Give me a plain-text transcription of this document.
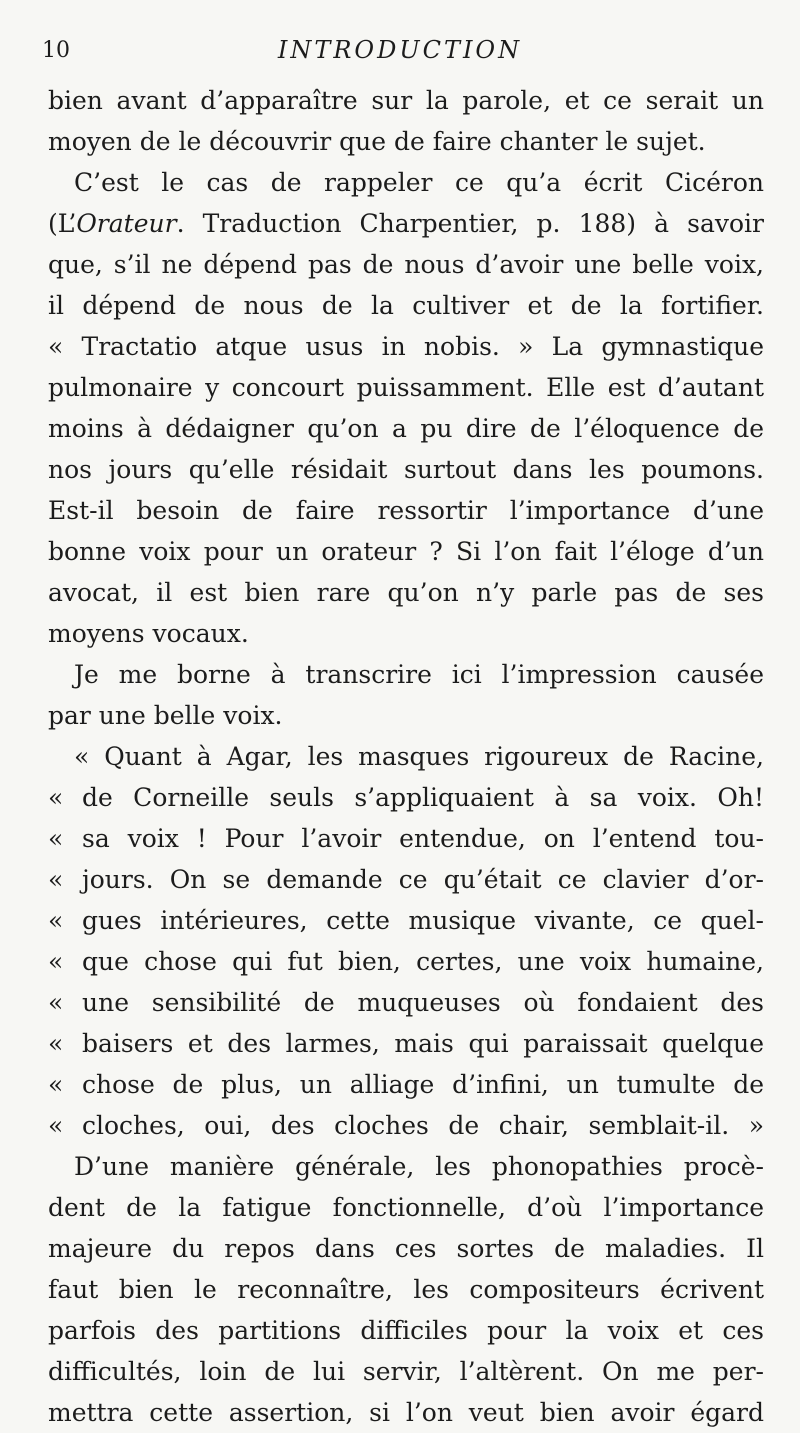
10	INTRODUCTION
bien avant d’apparaître sur la parole, et ce serait un
moyen de le découvrir que de faire chanter le sujet.
C’est le cas de rappeler ce qu’a écrit Cicéron
(L’Orateur. Traduction Charpentier, p. 188) à savoir
que, s’il ne dépend pas de nous d’avoir une belle voix,
il dépend de nous de la cultiver et de la fortifier.
« Tractatio atque usus in nobis. » La gymnastique
pulmonaire y concourt puissamment. Elle est d’autant
moins à dédaigner qu’on a pu dire de l’éloquence de
nos jours qu’elle résidait surtout dans les poumons.
Est-il besoin de faire ressortir l’importance d’une
bonne voix pour un orateur ? Si l’on fait l’éloge d’un
avocat, il est bien rare qu’on n’y parle pas de ses
moyens vocaux.
Je me borne à transcrire ici l’impression causée
par une belle voix.
« Quant à Agar, les masques rigoureux de Racine,
« de Corneille seuls s’appliquaient à sa voix. Oh!
« sa voix ! Pour l’avoir entendue, on l’entend tou-
« jours. On se demande ce qu’était ce clavier d’or-
« gues intérieures, cette musique vivante, ce quel-
« que chose qui fut bien, certes, une voix humaine,
« une sensibilité de muqueuses où fondaient des
« baisers et des larmes, mais qui paraissait quelque
« chose de plus, un alliage d’infini, un tumulte de
« cloches, oui, des cloches de chair, semblait-il. »
D’une manière générale, les phonopathies procè-
dent de la fatigue fonctionnelle, d’où l’importance
majeure du repos dans ces sortes de maladies. Il
faut bien le reconnaître, les compositeurs écrivent
parfois des partitions difficiles pour la voix et ces
difficultés, loin de lui servir, l’altèrent. On me per-
mettra cette assertion, si l’on veut bien avoir égard
